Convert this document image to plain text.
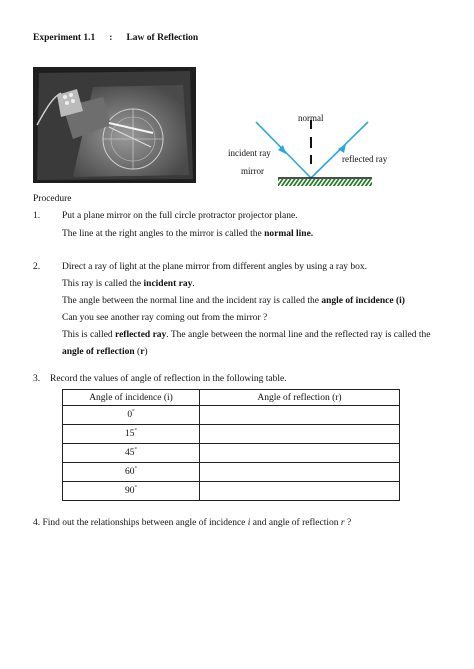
Experiment 1.1 : Law of Reflection
normal
incident ray
reflected ray
mirror
Procedure
1. Put a plane mirror on the full circle protractor projector plane.
The line at the right angles to the mirror is called the normal line.
2. Direct a ray of light at the plane mirror from different angles by using a ray box.
This ray is called the incident ray.
The angle between the normal line and the incident ray is called the angle of incidence (i)
Can you see another ray coming out from the mirror ?
This is called reflected ray. The angle between the normal line and the reflected ray is called the
angle of reflection (r)
3. Record the values of angle of reflection in the following table.
Angle of incidence (i)	Angle of reflection (r)
0°	
15°	
45°	
60°	
90°	
4. Find out the relationships between angle of incidence i and angle of reflection r ?
